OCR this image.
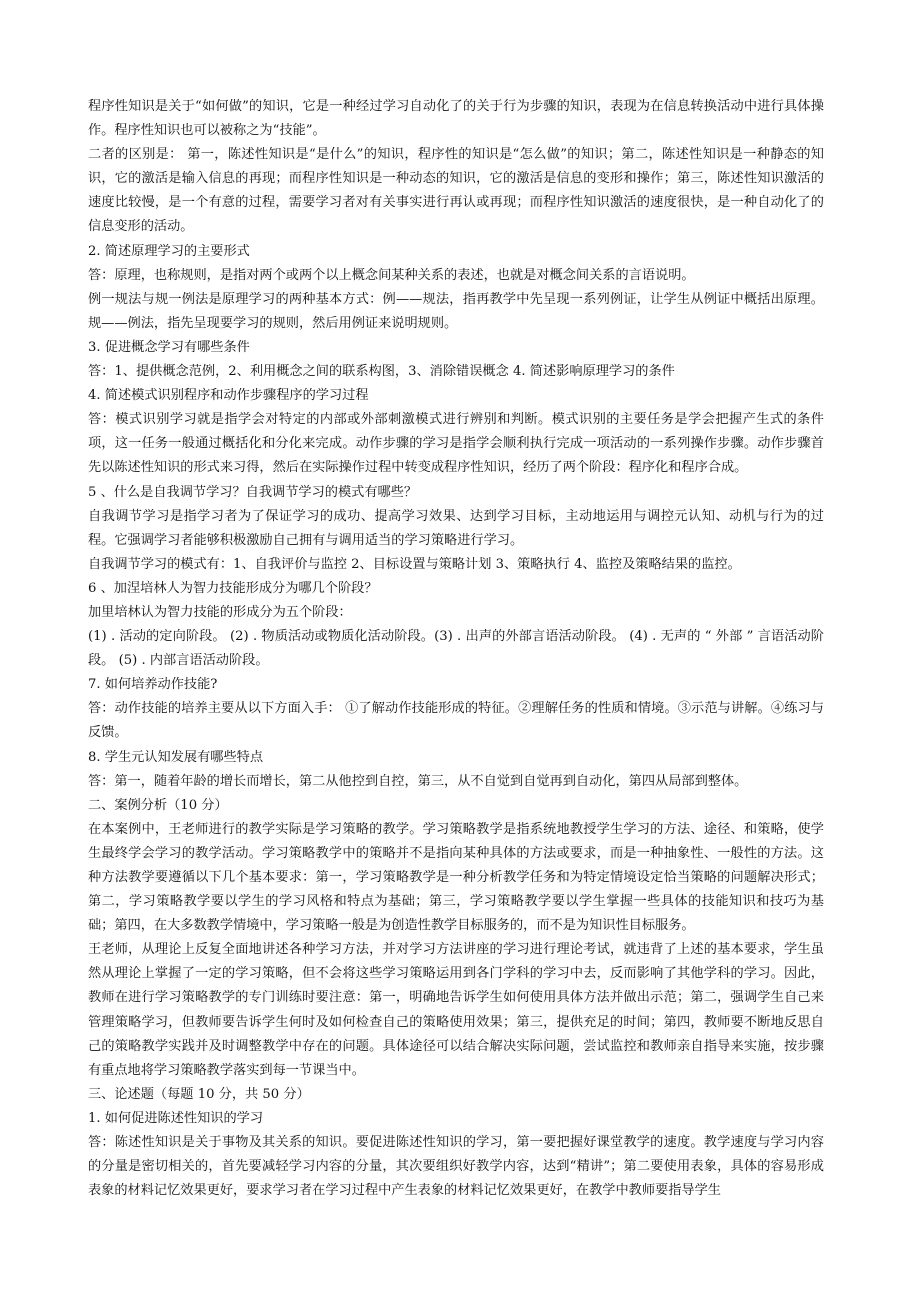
程序性知识是关于“如何做”的知识，它是一种经过学习自动化了的关于行为步骤的知识，表现为在信息转换活动中进行具体操作。程序性知识也可以被称之为“技能”。

二者的区别是： 第一，陈述性知识是“是什么”的知识，程序性的知识是“怎么做”的知识；第二，陈述性知识是一种静态的知识，它的激活是输入信息的再现；而程序性知识是一种动态的知识，它的激活是信息的变形和操作；第三，陈述性知识激活的速度比较慢，是一个有意的过程，需要学习者对有关事实进行再认或再现；而程序性知识激活的速度很快，是一种自动化了的信息变形的活动。

2. 简述原理学习的主要形式

答：原理，也称规则，是指对两个或两个以上概念间某种关系的表述，也就是对概念间关系的言语说明。

例一规法与规一例法是原理学习的两种基本方式：例——规法，指再教学中先呈现一系列例证，让学生从例证中概括出原理。规——例法，指先呈现要学习的规则，然后用例证来说明规则。

3. 促进概念学习有哪些条件

答：1、提供概念范例，2、利用概念之间的联系构图，3、消除错误概念 4. 简述影响原理学习的条件

4. 简述模式识别程序和动作步骤程序的学习过程

答：模式识别学习就是指学会对特定的内部或外部刺激模式进行辨别和判断。模式识别的主要任务是学会把握产生式的条件项，这一任务一般通过概括化和分化来完成。动作步骤的学习是指学会顺利执行完成一项活动的一系列操作步骤。动作步骤首先以陈述性知识的形式来习得，然后在实际操作过程中转变成程序性知识，经历了两个阶段：程序化和程序合成。

5 、什么是自我调节学习？自我调节学习的模式有哪些？

自我调节学习是指学习者为了保证学习的成功、提高学习效果、达到学习目标，主动地运用与调控元认知、动机与行为的过程。它强调学习者能够积极激励自己拥有与调用适当的学习策略进行学习。

自我调节学习的模式有：1、自我评价与监控 2、目标设置与策略计划 3、策略执行 4、监控及策略结果的监控。

6 、加涅培林人为智力技能形成分为哪几个阶段？

加里培林认为智力技能的形成分为五个阶段：

(1) . 活动的定向阶段。 (2) . 物质活动或物质化活动阶段。(3) . 出声的外部言语活动阶段。 (4) . 无声的 “ 外部 ” 言语活动阶段。 (5) . 内部言语活动阶段。

7. 如何培养动作技能?

答：动作技能的培养主要从以下方面入手： ①了解动作技能形成的特征。②理解任务的性质和情境。③示范与讲解。④练习与反馈。

8. 学生元认知发展有哪些特点

答：第一，随着年龄的增长而增长，第二从他控到自控，第三，从不自觉到自觉再到自动化，第四从局部到整体。

二、案例分析（10 分）

在本案例中，王老师进行的教学实际是学习策略的教学。学习策略教学是指系统地教授学生学习的方法、途径、和策略，使学生最终学会学习的教学活动。学习策略教学中的策略并不是指向某种具体的方法或要求，而是一种抽象性、一般性的方法。这种方法教学要遵循以下几个基本要求：第一，学习策略教学是一种分析教学任务和为特定情境设定恰当策略的问题解决形式；第二，学习策略教学要以学生的学习风格和特点为基础；第三，学习策略教学要以学生掌握一些具体的技能知识和技巧为基础；第四，在大多数教学情境中，学习策略一般是为创造性教学目标服务的，而不是为知识性目标服务。

王老师，从理论上反复全面地讲述各种学习方法，并对学习方法讲座的学习进行理论考试，就违背了上述的基本要求，学生虽然从理论上掌握了一定的学习策略，但不会将这些学习策略运用到各门学科的学习中去，反而影响了其他学科的学习。因此，教师在进行学习策略教学的专门训练时要注意：第一，明确地告诉学生如何使用具体方法并做出示范；第二，强调学生自己来管理策略学习，但教师要告诉学生何时及如何检查自己的策略使用效果；第三，提供充足的时间；第四，教师要不断地反思自己的策略教学实践并及时调整教学中存在的问题。具体途径可以结合解决实际问题，尝试监控和教师亲自指导来实施，按步骤有重点地将学习策略教学落实到每一节课当中。

三、论述题（每题 10 分，共 50 分）

1. 如何促进陈述性知识的学习

答：陈述性知识是关于事物及其关系的知识。要促进陈述性知识的学习，第一要把握好课堂教学的速度。教学速度与学习内容的分量是密切相关的，首先要减轻学习内容的分量，其次要组织好教学内容，达到“精讲”；第二要使用表象，具体的容易形成表象的材料记忆效果更好，要求学习者在学习过程中产生表象的材料记忆效果更好，在教学中教师要指导学生
